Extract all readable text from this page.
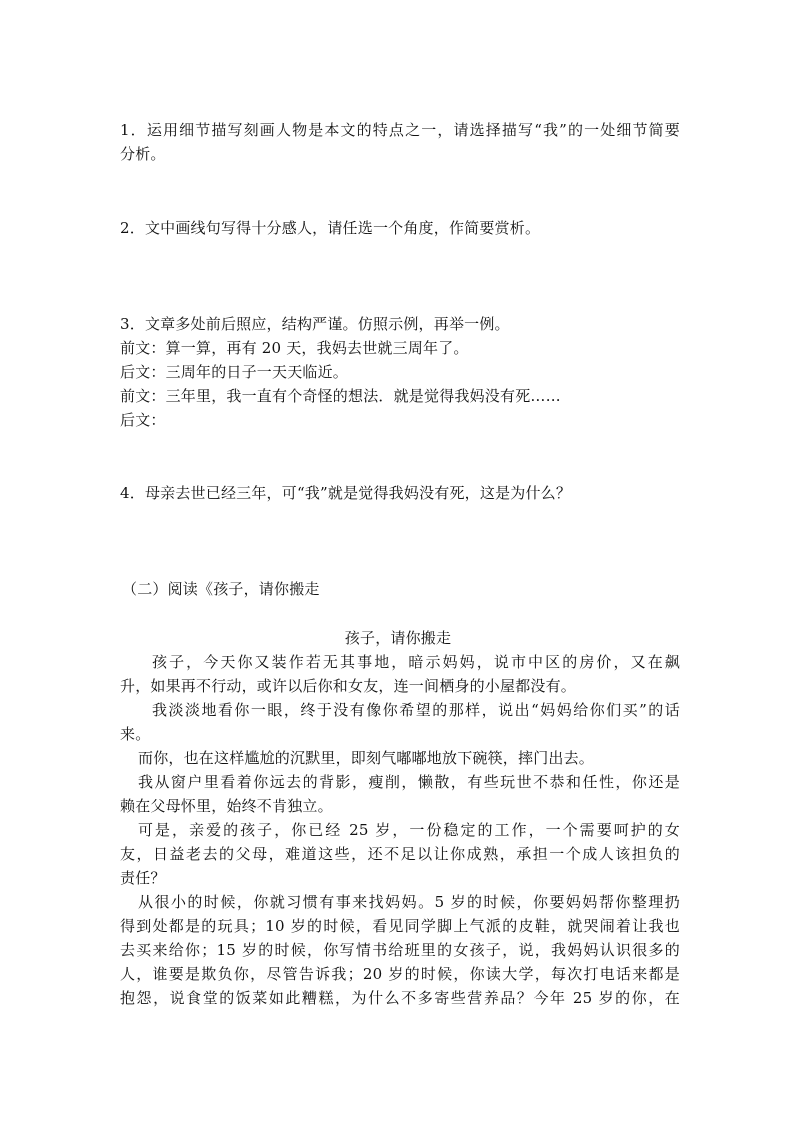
1．运用细节描写刻画人物是本文的特点之一，请选择描写“我”的一处细节简要
分析。
2．文中画线句写得十分感人，请任选一个角度，作简要赏析。
3．文章多处前后照应，结构严谨。仿照示例，再举一例。
前文：算一算，再有 20 天，我妈去世就三周年了。
后文：三周年的日子一天天临近。
前文：三年里，我一直有个奇怪的想法．就是觉得我妈没有死……
后文：
4．母亲去世已经三年，可“我”就是觉得我妈没有死，这是为什么？
（二）阅读《孩子，请你搬走
孩子，请你搬走
孩子，今天你又装作若无其事地，暗示妈妈，说市中区的房价，又在飙
升，如果再不行动，或许以后你和女友，连一间栖身的小屋都没有。
我淡淡地看你一眼，终于没有像你希望的那样，说出“妈妈给你们买”的话
来。
而你，也在这样尴尬的沉默里，即刻气嘟嘟地放下碗筷，摔门出去。
我从窗户里看着你远去的背影，瘦削，懒散，有些玩世不恭和任性，你还是
赖在父母怀里，始终不肯独立。
可是，亲爱的孩子，你已经 25 岁，一份稳定的工作，一个需要呵护的女
友，日益老去的父母，难道这些，还不足以让你成熟，承担一个成人该担负的
责任？
从很小的时候，你就习惯有事来找妈妈。5 岁的时候，你要妈妈帮你整理扔
得到处都是的玩具；10 岁的时候，看见同学脚上气派的皮鞋，就哭闹着让我也
去买来给你；15 岁的时候，你写情书给班里的女孩子，说，我妈妈认识很多的
人，谁要是欺负你，尽管告诉我；20 岁的时候，你读大学，每次打电话来都是
抱怨，说食堂的饭菜如此糟糕，为什么不多寄些营养品？今年 25 岁的你，在
